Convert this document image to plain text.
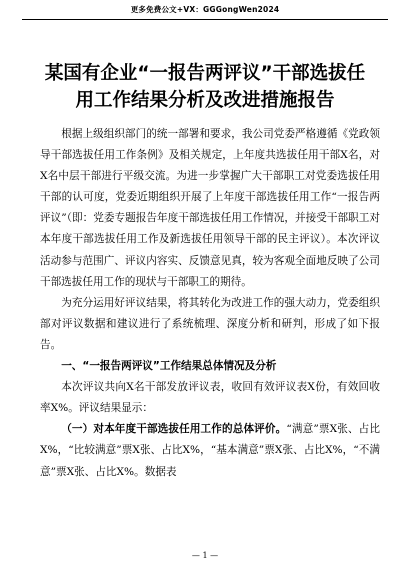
更多免费公文+VX：GGGongWen2024
某国有企业“一报告两评议”干部选拔任
用工作结果分析及改进措施报告

根据上级组织部门的统一部署和要求，我公司党委严格遵循《党政领导干部选拔任用工作条例》及相关规定，上年度共选拔任用干部X名，对X名中层干部进行平级交流。为进一步掌握广大干部职工对党委选拔任用干部的认可度，党委近期组织开展了上年度干部选拔任用工作“一报告两评议”（即：党委专题报告年度干部选拔任用工作情况，并接受干部职工对本年度干部选拔任用工作及新选拔任用领导干部的民主评议）。本次评议活动参与范围广、评议内容实、反馈意见真，较为客观全面地反映了公司干部选拔任用工作的现状与干部职工的期待。

为充分运用好评议结果，将其转化为改进工作的强大动力，党委组织部对评议数据和建议进行了系统梳理、深度分析和研判，形成了如下报告。

一、“一报告两评议”工作结果总体情况及分析

本次评议共向X名干部发放评议表，收回有效评议表X份，有效回收率X%。评议结果显示：

（一）对本年度干部选拔任用工作的总体评价。“满意”票X张、占比X%，“比较满意”票X张、占比X%，“基本满意”票X张、占比X%，“不满意”票X张、占比X%。数据表

— 1 —
